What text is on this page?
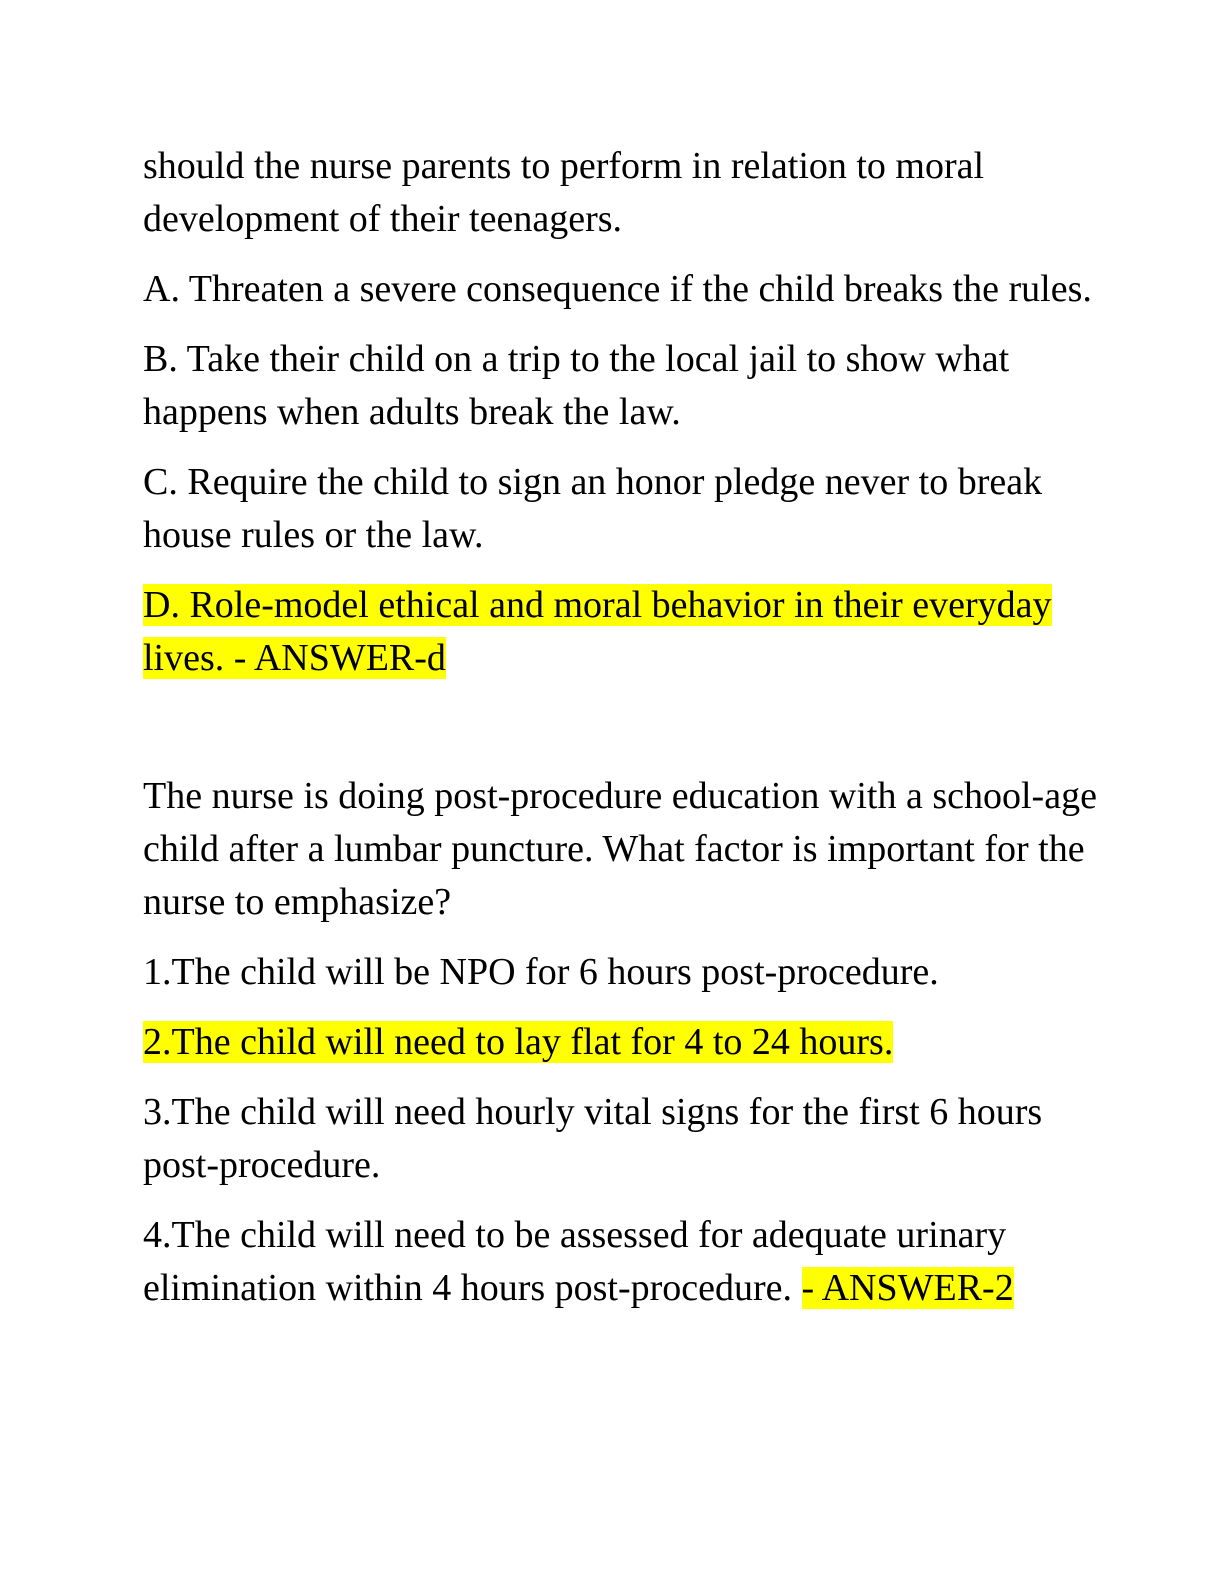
should the nurse parents to perform in relation to moral development of their teenagers.

A. Threaten a severe consequence if the child breaks the rules.

B. Take their child on a trip to the local jail to show what happens when adults break the law.

C. Require the child to sign an honor pledge never to break house rules or the law.

D. Role-model ethical and moral behavior in their everyday lives. - ANSWER-d

The nurse is doing post-procedure education with a school-age child after a lumbar puncture. What factor is important for the nurse to emphasize?

1.The child will be NPO for 6 hours post-procedure.

2.The child will need to lay flat for 4 to 24 hours.

3.The child will need hourly vital signs for the first 6 hours post-procedure.

4.The child will need to be assessed for adequate urinary elimination within 4 hours post-procedure. - ANSWER-2
